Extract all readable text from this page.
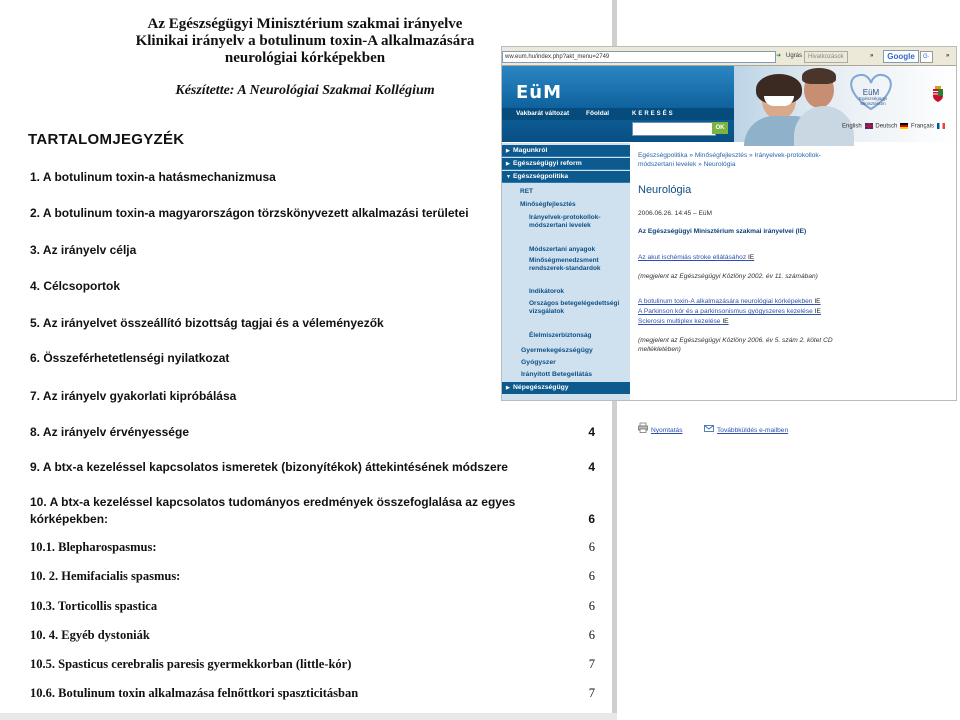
Az Egészségügyi Minisztérium szakmai irányelve
Klinikai irányelv a botulinum toxin-A alkalmazására
neurológiai kórképekben
Készítette: A Neurológiai Szakmai Kollégium
TARTALOMJEGYZÉK
1. A botulinum toxin-a hatásmechanizmusa
2. A botulinum toxin-a magyarországon törzskönyvezett alkalmazási területei
3. Az irányelv célja
4. Célcsoportok
5. Az irányelvet összeállító bizottság tagjai és a véleményezők
6. Összeférhetetlenségi nyilatkozat
7. Az irányelv gyakorlati kipróbálása
8. Az irányelv érvényessége	4
9. A btx-a kezeléssel kapcsolatos ismeretek (bizonyítékok) áttekintésének módszere	4
10. A btx-a kezeléssel kapcsolatos tudományos eredmények összefoglalása az egyes
kórképekben:	6
10.1. Blepharospasmus:	6
10. 2. Hemifacialis spasmus:	6
10.3. Torticollis spastica	6
10. 4. Egyéb dystoniák	6
10.5. Spasticus cerebralis paresis gyermekkorban (little-kór)	7
10.6. Botulinum toxin alkalmazása felnőttkori spaszticitásban	7
ww.eum.hu/index.php?akt_menu=2749	➜ Ugrás Hivatkozások	»	Google	G·	»
EüM
Vakbarát változat	Főoldal	KERESÉS
OK
EüM
Egészségügyi Minisztérium
English Deutsch Français
▶ Magunkról
▶ Egészségügyi reform
▼ Egészségpolitika
RET
Minőségfejlesztés
Irányelvek-protokollok-módszertani levelek
Módszertani anyagok
Minőségmenedzsment rendszerek-standardok
Indikátorok
Országos betegelégedettségi vizsgálatok
Élelmiszerbiztonság
Gyermekegészségügy
Gyógyszer
Irányított Betegellátás
▶ Népegészségügy
Egészségpolitika » Minőségfejlesztés » Irányelvek-protokollok-
módszertani levelek » Neurológia
Neurológia
2006.06.26. 14:45 – EüM
Az Egészségügyi Minisztérium szakmai irányelvei (IE)
Az akut ischémiás stroke ellátásához IE
(megjelent az Egészségügyi Közlöny 2002. év 11. számában)
A botulinum toxin-A alkalmazására neurológiai kórképekben IE
A Parkinson kór és a parkinsonismus gyógyszeres kezelése IE
Sclerosis multiplex kezelése IE
(megjelent az Egészségügyi Közlöny 2006. év 5. szám 2. kötet CD
mellékletében)
Nyomtatás	Továbbküldés e-mailben
